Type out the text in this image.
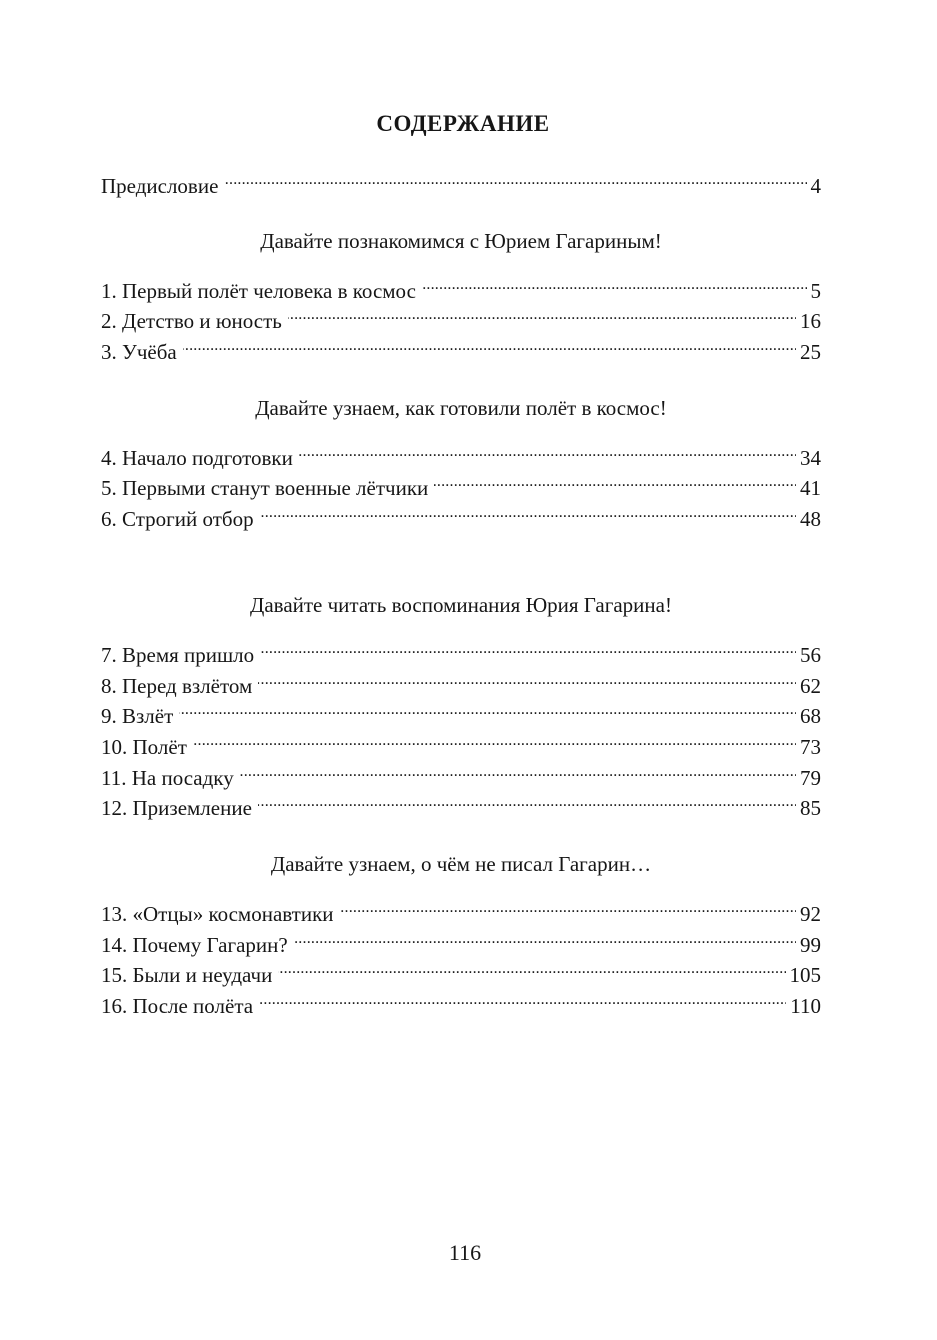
СОДЕРЖАНИЕ
Предисловие . . .	4
Давайте познакомимся с Юрием Гагариным!
1. Первый полёт человека в космос . . .	5
2. Детство и юность . . .	16
3. Учёба . . .	25
Давайте узнаем, как готовили полёт в космос!
4. Начало подготовки . . .	34
5. Первыми станут военные лётчики . . .	41
6. Строгий отбор . . .	48
Давайте читать воспоминания Юрия Гагарина!
7. Время пришло . . .	56
8. Перед взлётом . . .	62
9. Взлёт . . .	68
10. Полёт . . .	73
11. На посадку . . .	79
12. Приземление . . .	85
Давайте узнаем, о чём не писал Гагарин…
13. «Отцы» космонавтики . . .	92
14. Почему Гагарин? . . .	99
15. Были и неудачи . . .	105
16. После полёта . . .	110
116
